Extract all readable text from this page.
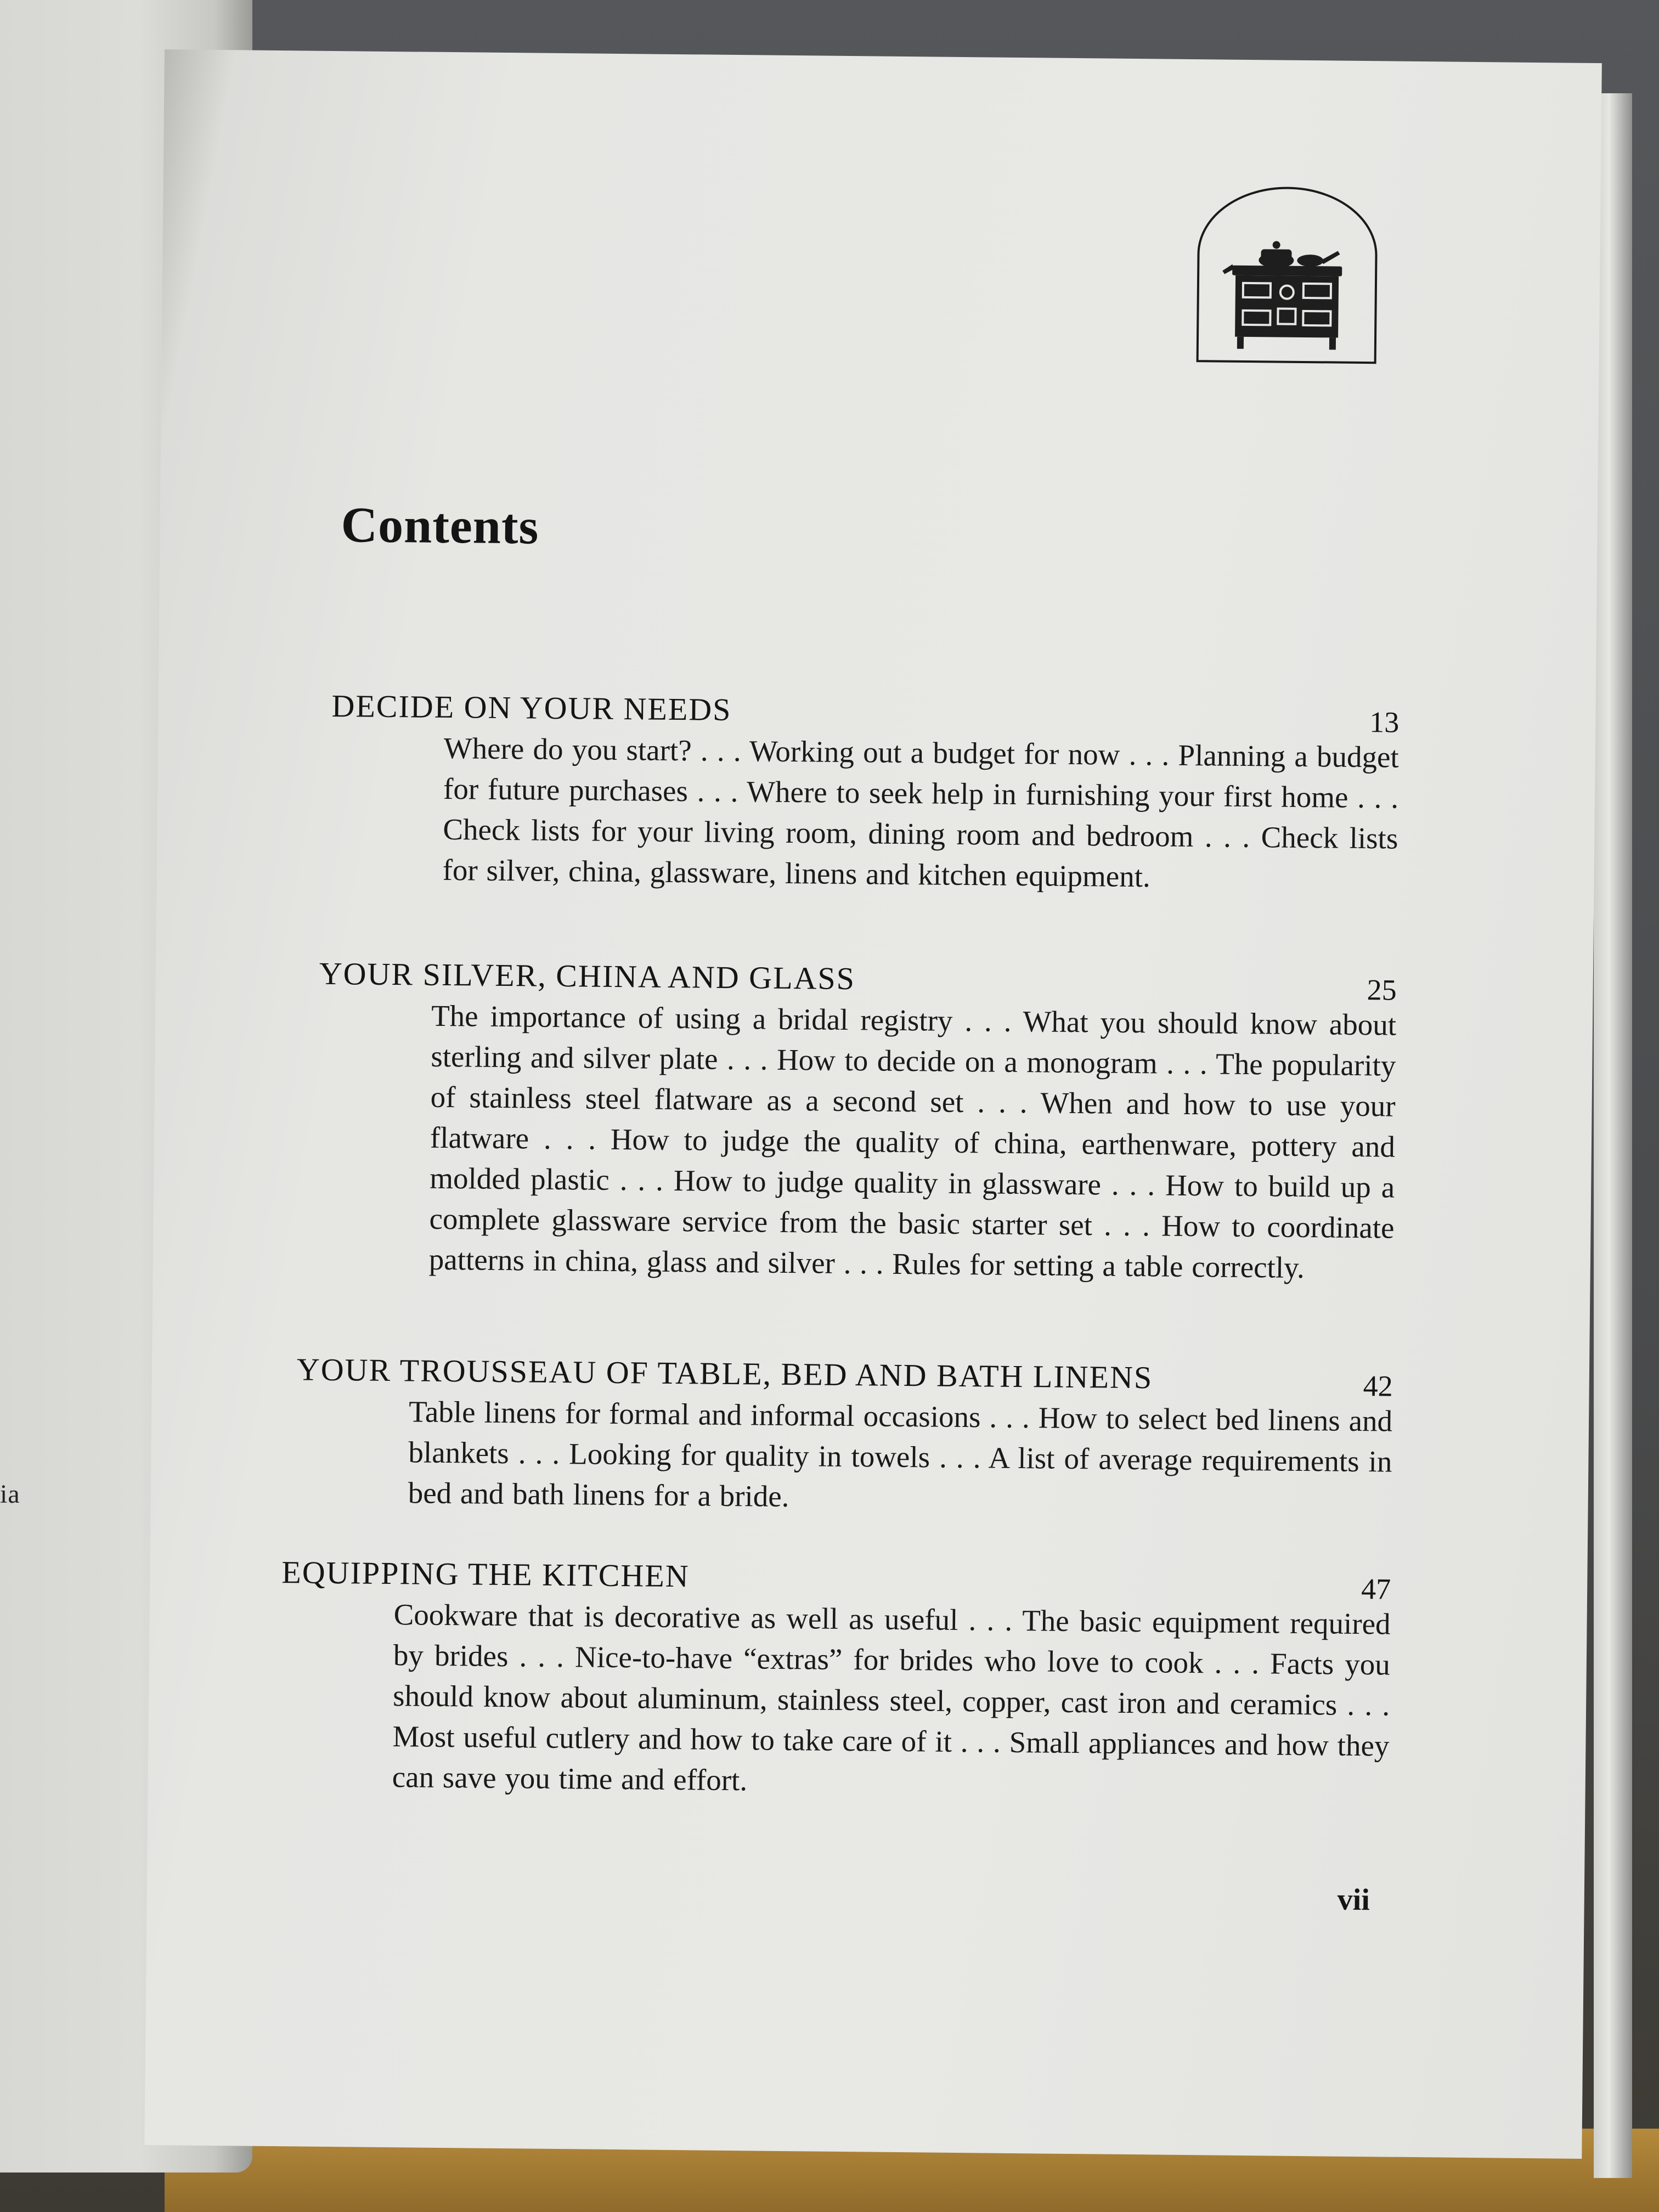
ia
Contents
DECIDE ON YOUR NEEDS	13
Where do you start? . . . Working out a budget for now . . . Planning a budget for future purchases . . . Where to seek help in furnishing your first home . . . Check lists for your living room, dining room and bedroom . . . Check lists for silver, china, glassware, linens and kitchen equipment.
YOUR SILVER, CHINA AND GLASS	25
The importance of using a bridal registry . . . What you should know about sterling and silver plate . . . How to decide on a monogram . . . The popularity of stainless steel flatware as a second set . . . When and how to use your flatware . . . How to judge the quality of china, earthenware, pottery and molded plastic . . . How to judge quality in glassware . . . How to build up a complete glassware service from the basic starter set . . . How to coordinate patterns in china, glass and silver . . . Rules for setting a table correctly.
YOUR TROUSSEAU OF TABLE, BED AND BATH LINENS	42
Table linens for formal and informal occasions . . . How to select bed linens and blankets . . . Looking for quality in towels . . . A list of average requirements in bed and bath linens for a bride.
EQUIPPING THE KITCHEN	47
Cookware that is decorative as well as useful . . . The basic equipment required by brides . . . Nice-to-have “extras” for brides who love to cook . . . Facts you should know about aluminum, stainless steel, copper, cast iron and ceramics . . . Most useful cutlery and how to take care of it . . . Small appliances and how they can save you time and effort.
vii
